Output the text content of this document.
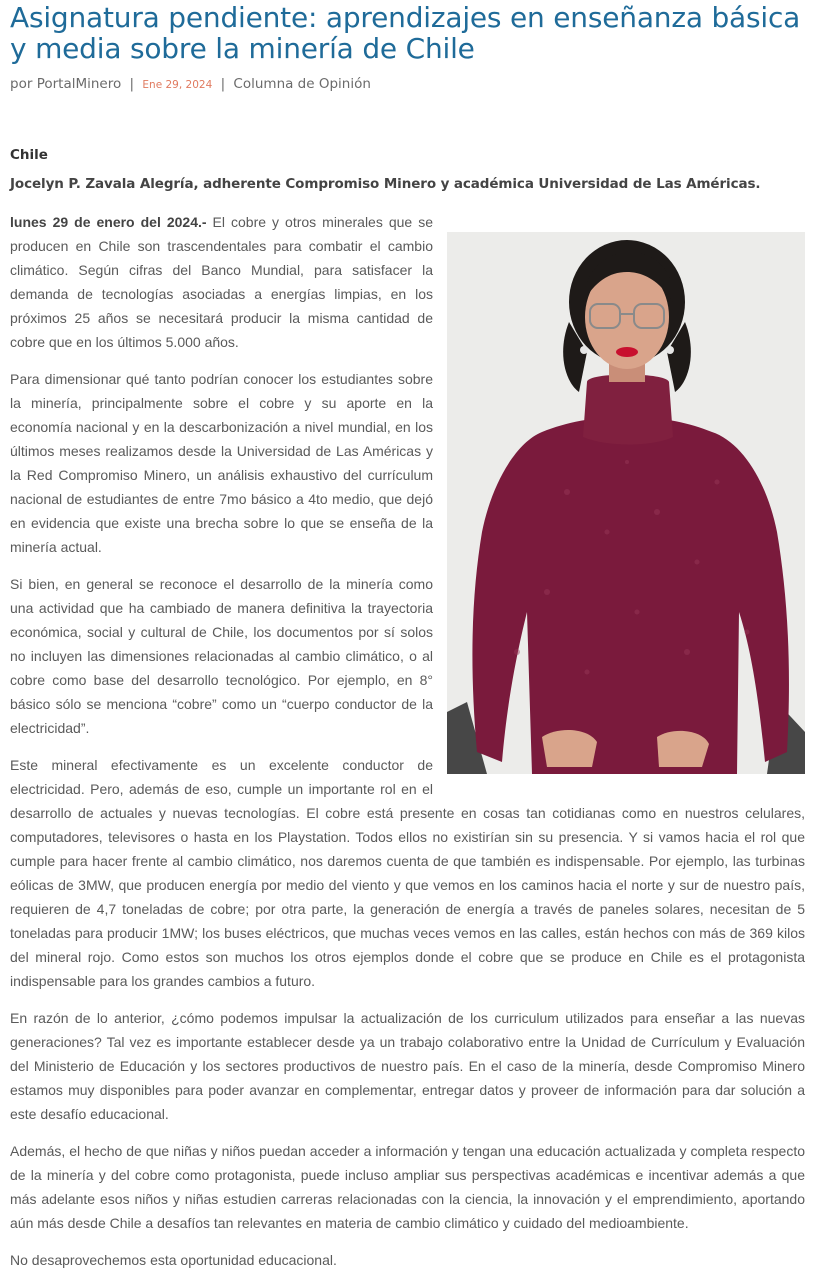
Asignatura pendiente: aprendizajes en enseñanza básica y media sobre la minería de Chile
por PortalMinero | Ene 29, 2024 | Columna de Opinión
Chile
Jocelyn P. Zavala Alegría, adherente Compromiso Minero y académica Universidad de Las Américas.

lunes 29 de enero del 2024.- El cobre y otros minerales que se producen en Chile son trascendentales para combatir el cambio climático. Según cifras del Banco Mundial, para satisfacer la demanda de tecnologías asociadas a energías limpias, en los próximos 25 años se necesitará producir la misma cantidad de cobre que en los últimos 5.000 años.

Para dimensionar qué tanto podrían conocer los estudiantes sobre la minería, principalmente sobre el cobre y su aporte en la economía nacional y en la descarbonización a nivel mundial, en los últimos meses realizamos desde la Universidad de Las Américas y la Red Compromiso Minero, un análisis exhaustivo del currículum nacional de estudiantes de entre 7mo básico a 4to medio, que dejó en evidencia que existe una brecha sobre lo que se enseña de la minería actual.

Si bien, en general se reconoce el desarrollo de la minería como una actividad que ha cambiado de manera definitiva la trayectoria económica, social y cultural de Chile, los documentos por sí solos no incluyen las dimensiones relacionadas al cambio climático, o al cobre como base del desarrollo tecnológico. Por ejemplo, en 8° básico sólo se menciona “cobre” como un “cuerpo conductor de la electricidad”.

Este mineral efectivamente es un excelente conductor de electricidad. Pero, además de eso, cumple un importante rol en el desarrollo de actuales y nuevas tecnologías. El cobre está presente en cosas tan cotidianas como en nuestros celulares, computadores, televisores o hasta en los Playstation. Todos ellos no existirían sin su presencia. Y si vamos hacia el rol que cumple para hacer frente al cambio climático, nos daremos cuenta de que también es indispensable. Por ejemplo, las turbinas eólicas de 3MW, que producen energía por medio del viento y que vemos en los caminos hacia el norte y sur de nuestro país, requieren de 4,7 toneladas de cobre; por otra parte, la generación de energía a través de paneles solares, necesitan de 5 toneladas para producir 1MW; los buses eléctricos, que muchas veces vemos en las calles, están hechos con más de 369 kilos del mineral rojo. Como estos son muchos los otros ejemplos donde el cobre que se produce en Chile es el protagonista indispensable para los grandes cambios a futuro.

En razón de lo anterior, ¿cómo podemos impulsar la actualización de los curriculum utilizados para enseñar a las nuevas generaciones? Tal vez es importante establecer desde ya un trabajo colaborativo entre la Unidad de Currículum y Evaluación del Ministerio de Educación y los sectores productivos de nuestro país. En el caso de la minería, desde Compromiso Minero estamos muy disponibles para poder avanzar en complementar, entregar datos y proveer de información para dar solución a este desafío educacional.

Además, el hecho de que niñas y niños puedan acceder a información y tengan una educación actualizada y completa respecto de la minería y del cobre como protagonista, puede incluso ampliar sus perspectivas académicas e incentivar además a que más adelante esos niños y niñas estudien carreras relacionadas con la ciencia, la innovación y el emprendimiento, aportando aún más desde Chile a desafíos tan relevantes en materia de cambio climático y cuidado del medioambiente.

No desaprovechemos esta oportunidad educacional.
